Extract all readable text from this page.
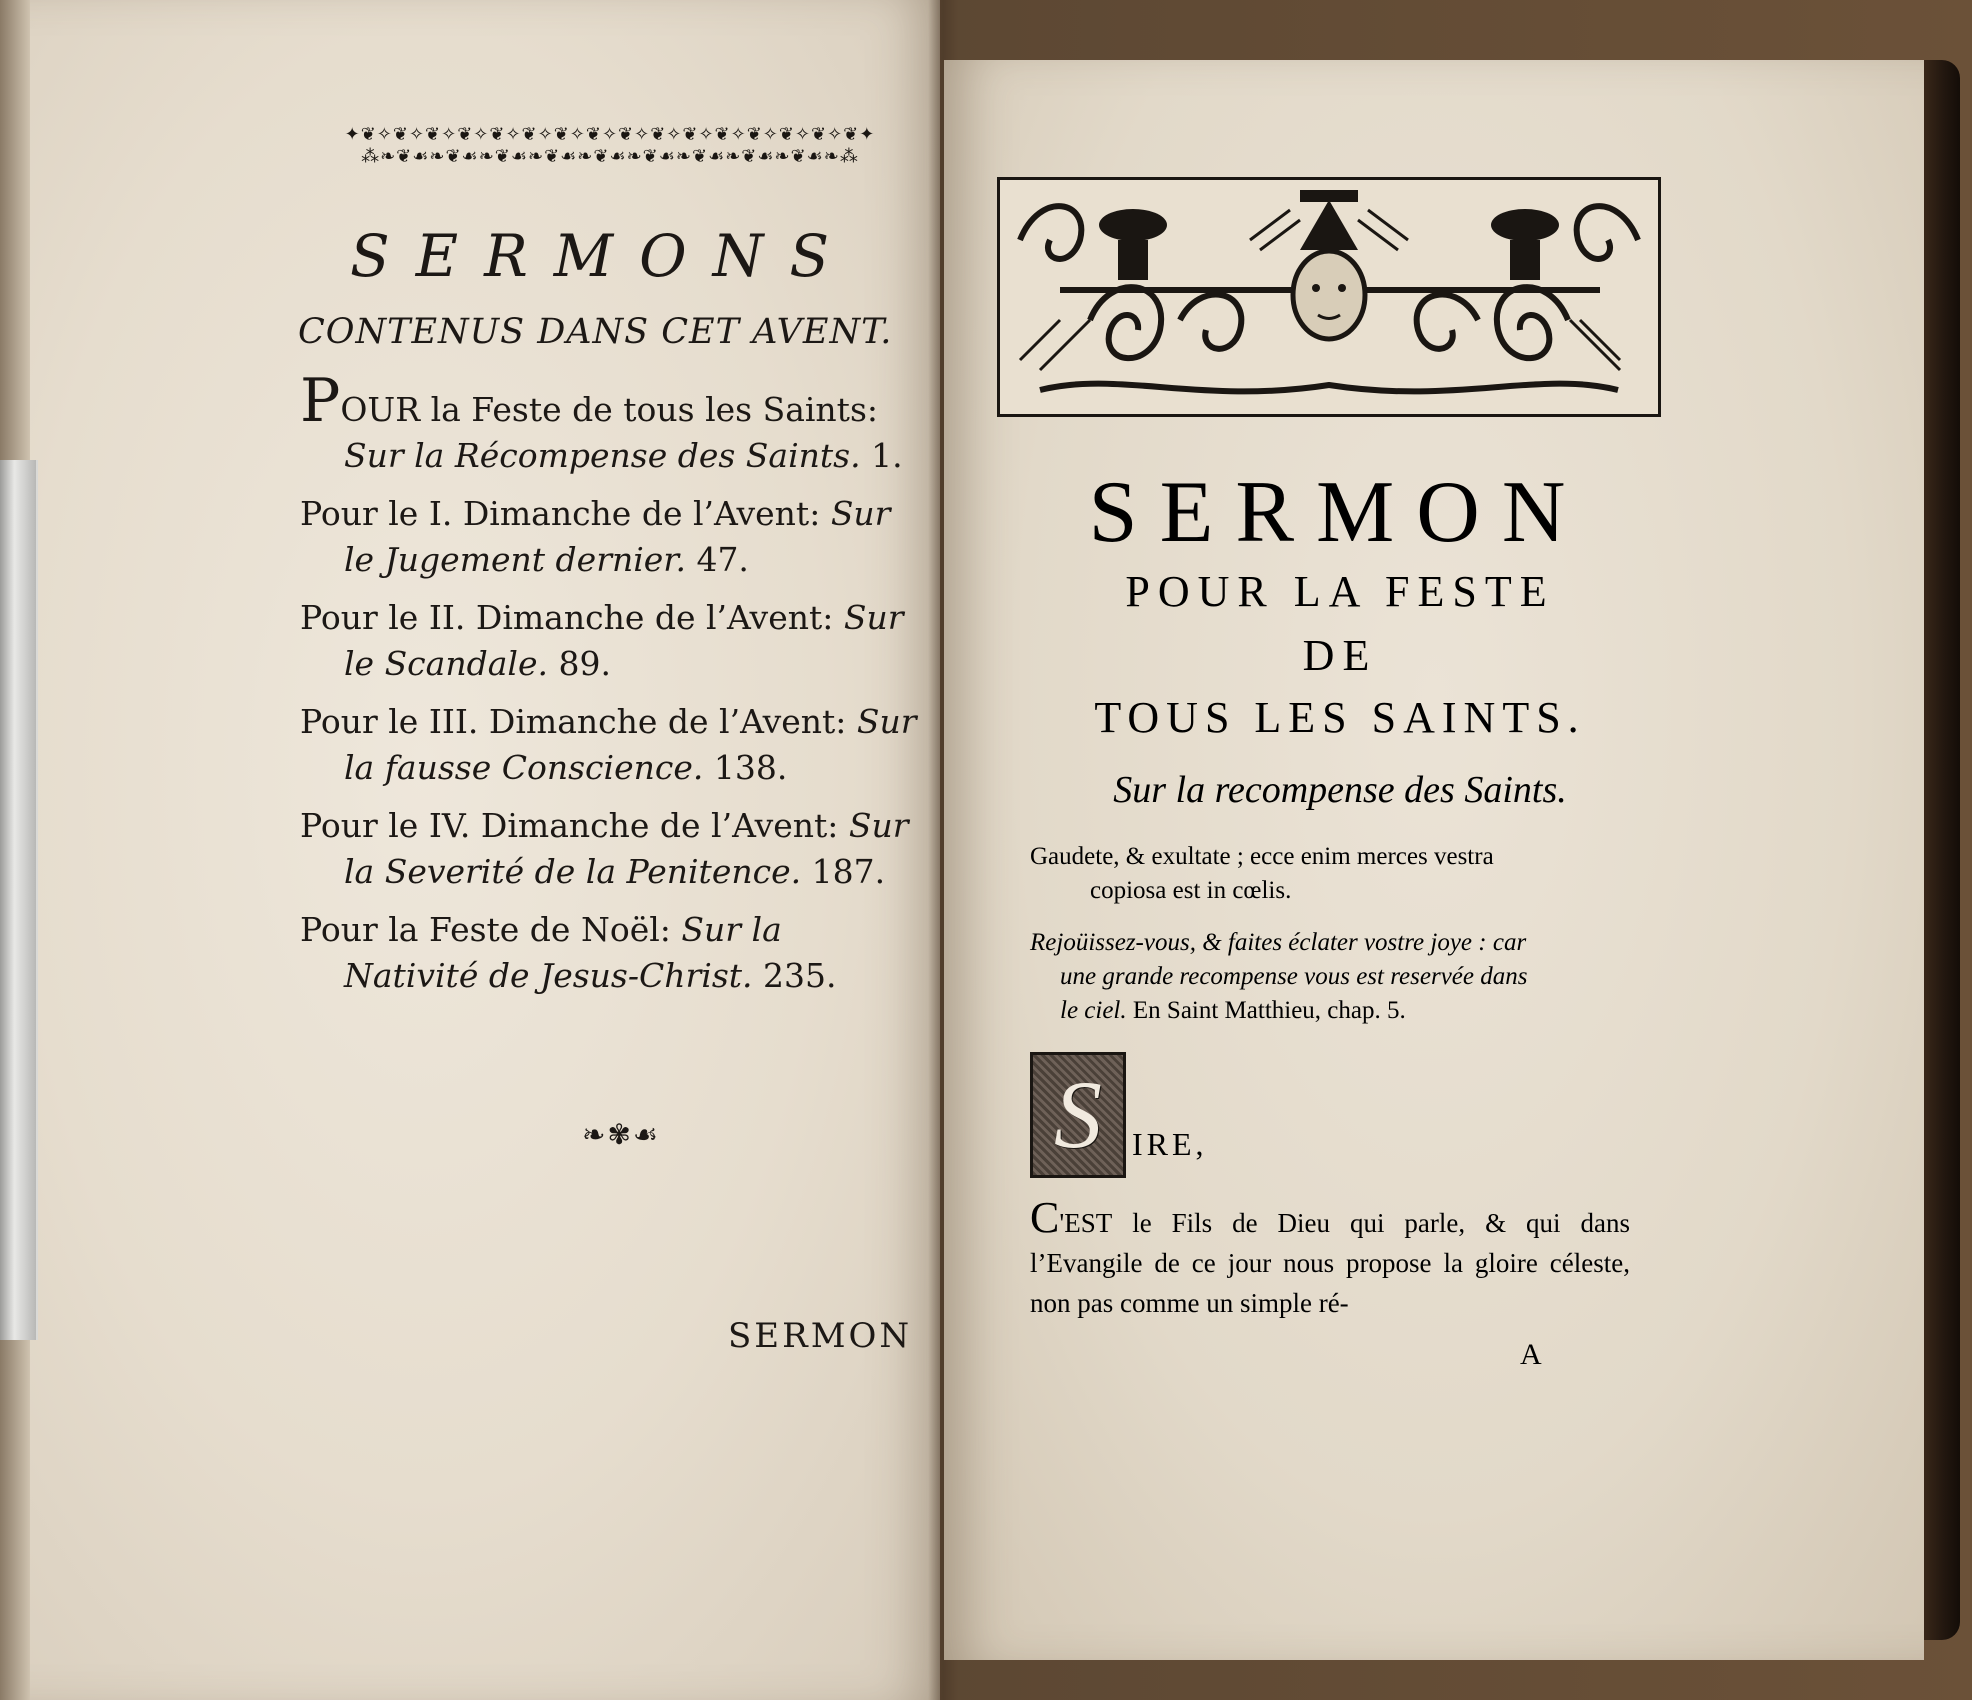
✦❦✧❦✧❦✧❦✧❦✧❦✧❦✧❦✧❦✧❦✧❦✧❦✧❦✧❦✧❦✧❦✦
⁂❧❦☙❧❦☙❧❦☙❧❦☙❧❦☙❧❦☙❧❦☙❧❦☙❧❦☙❧⁂
SERMONS
CONTENUS DANS CET AVENT.
POUR la Feste de tous les Saints: Sur la Récompense des Saints. 1.
Pour le I. Dimanche de l’Avent: Sur le Jugement dernier. 47.
Pour le II. Dimanche de l’Avent: Sur le Scandale. 89.
Pour le III. Dimanche de l’Avent: Sur la fausse Conscience. 138.
Pour le IV. Dimanche de l’Avent: Sur la Severité de la Penitence. 187.
Pour la Feste de Noël: Sur la Nativité de Jesus-Christ. 235.
❧✾☙
SERMON
SERMON
POUR LA FESTE
DE
TOUS LES SAINTS.
Sur la recompense des Saints.
Gaudete, & exultate ; ecce enim merces vestra
copiosa est in cœlis.
Rejoüissez-vous, & faites éclater vostre joye : car
une grande recompense vous est reservée dans
le ciel. En Saint Matthieu, chap. 5.
S IRE,
C'EST le Fils de Dieu qui parle, & qui dans l’Evangile de ce jour nous propose la gloire céleste, non pas comme un simple ré-
A
